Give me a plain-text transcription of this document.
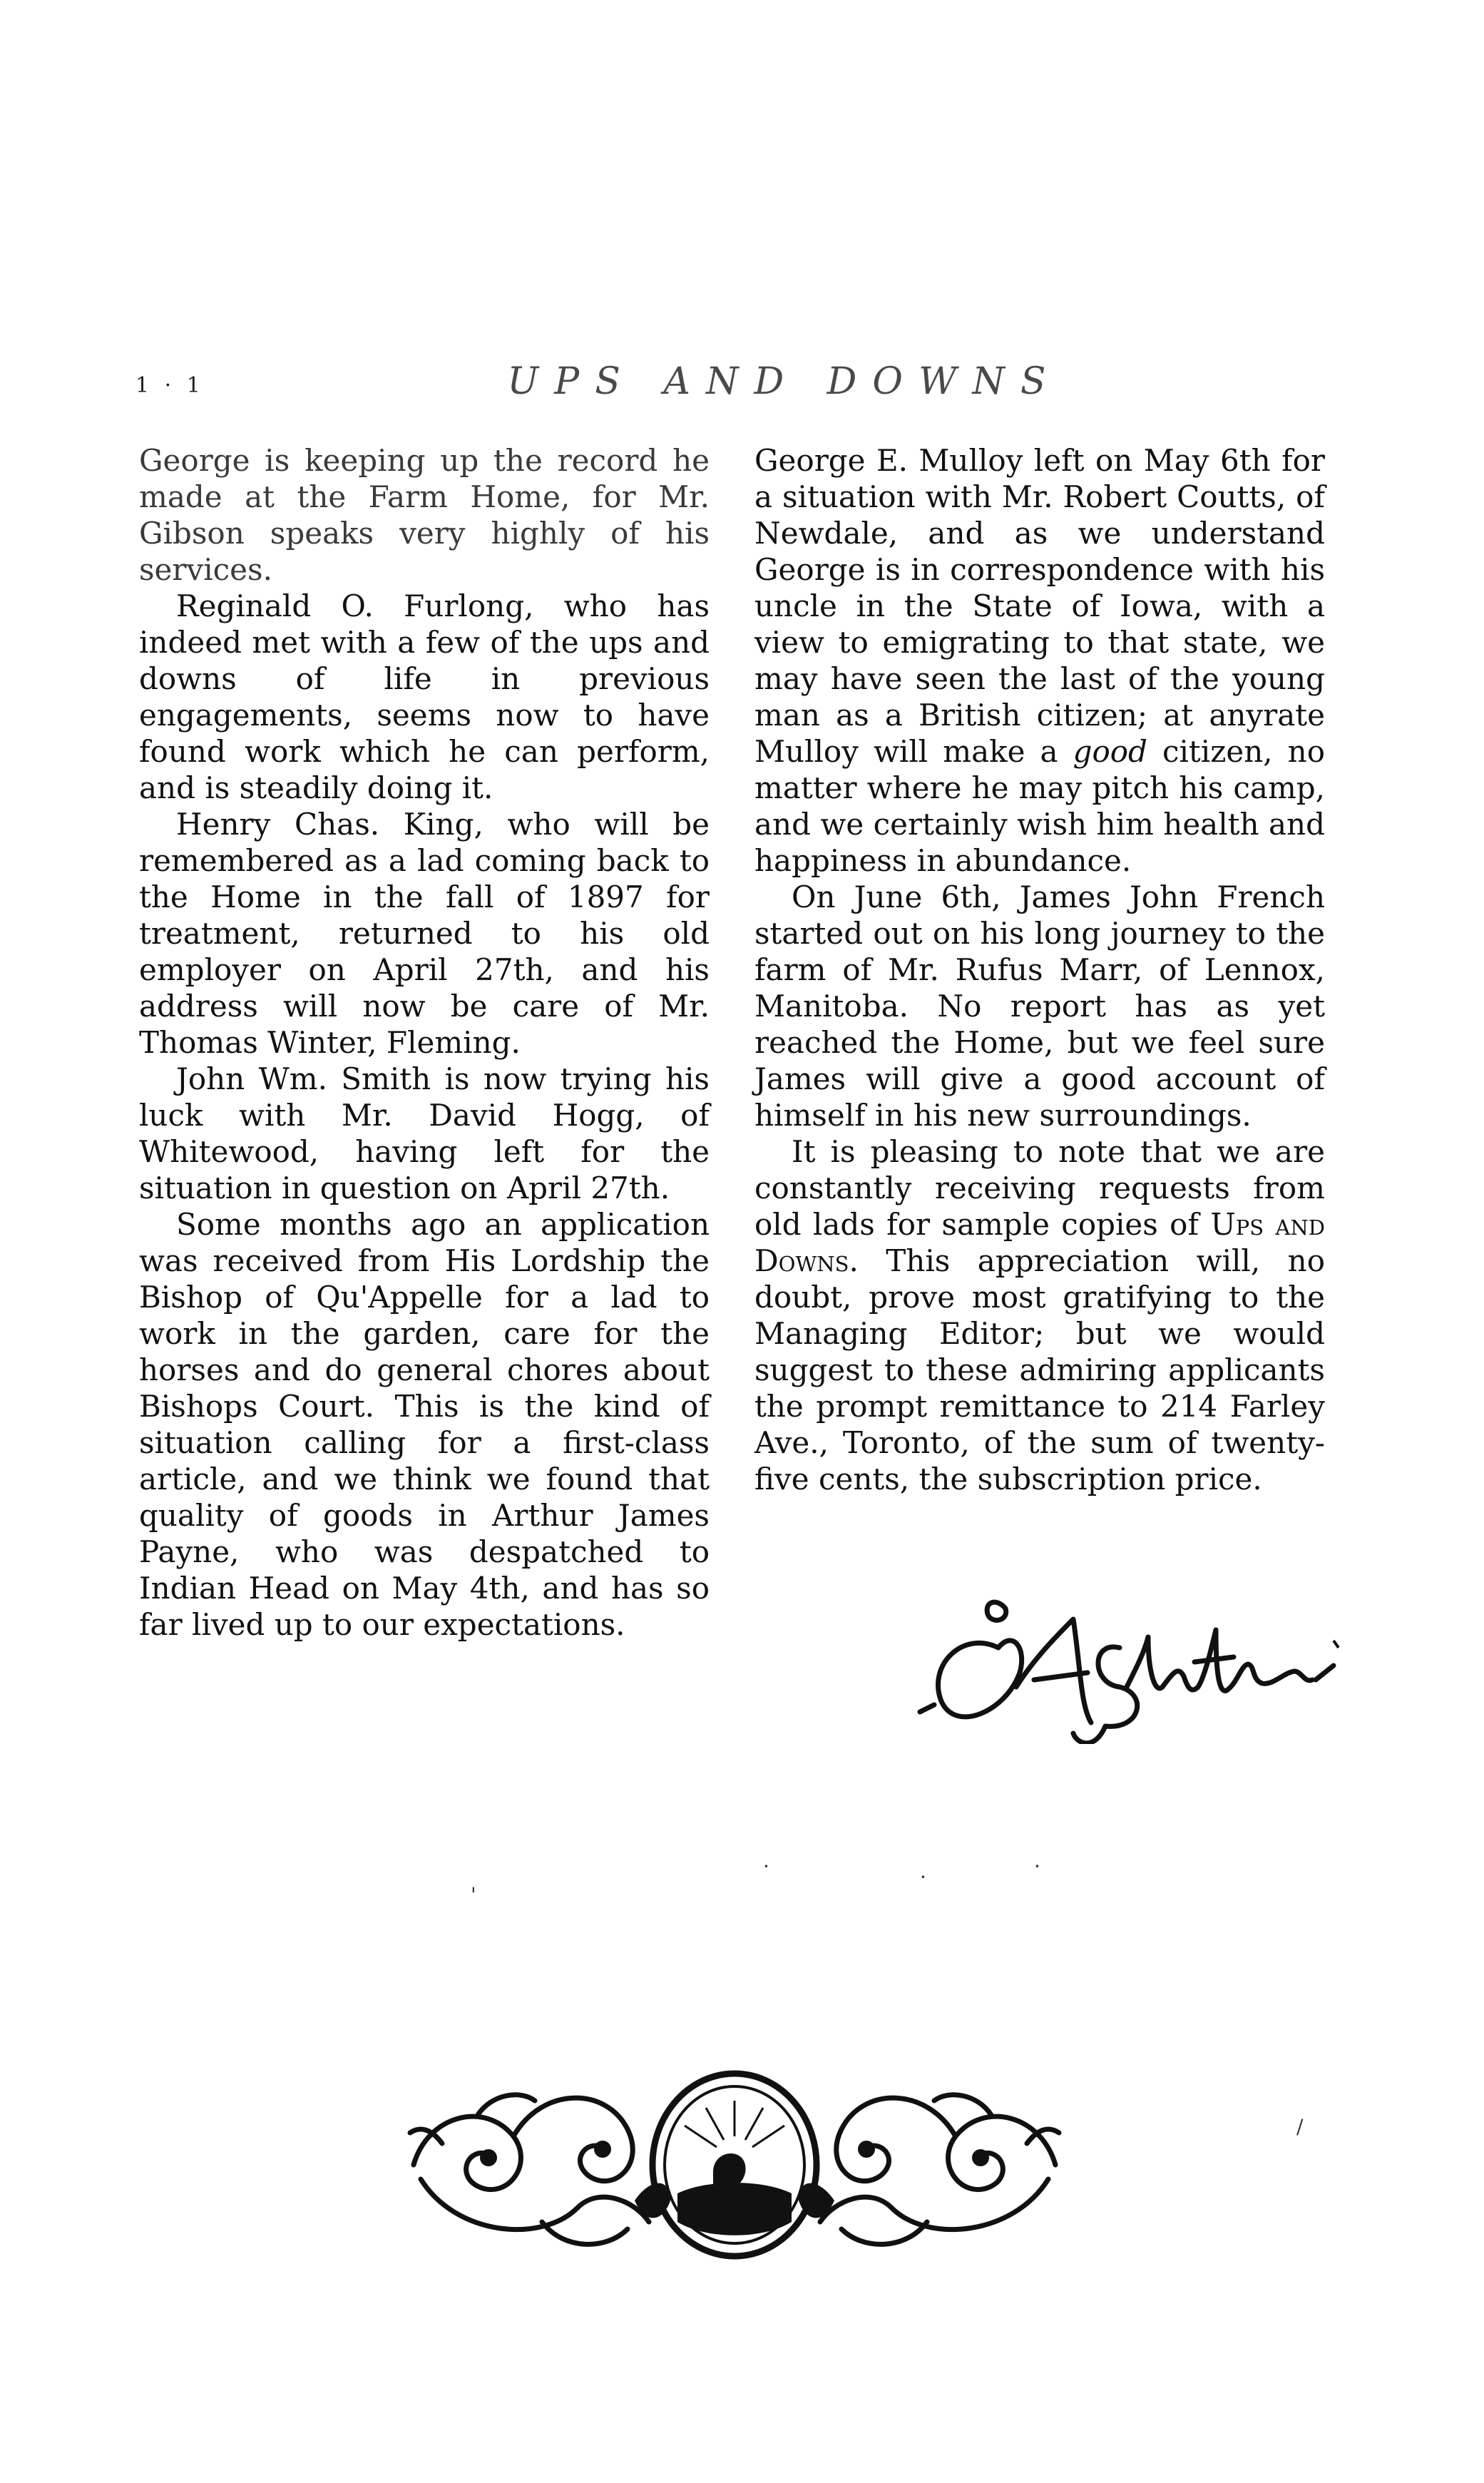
1 · 1	UPS AND DOWNS

George is keeping up the record he made at the Farm Home, for Mr. Gibson speaks very highly of his services.

Reginald O. Furlong, who has indeed met with a few of the ups and downs of life in previous engagements, seems now to have found work which he can perform, and is steadily doing it.

Henry Chas. King, who will be remembered as a lad coming back to the Home in the fall of 1897 for treatment, returned to his old employer on April 27th, and his address will now be care of Mr. Thomas Winter, Fleming.

John Wm. Smith is now trying his luck with Mr. David Hogg, of Whitewood, having left for the situation in question on April 27th.

Some months ago an application was received from His Lordship the Bishop of Qu'Appelle for a lad to work in the garden, care for the horses and do general chores about Bishops Court. This is the kind of situation calling for a first-class article, and we think we found that quality of goods in Arthur James Payne, who was despatched to Indian Head on May 4th, and has so far lived up to our expectations.

George E. Mulloy left on May 6th for a situation with Mr. Robert Coutts, of Newdale, and as we understand George is in correspondence with his uncle in the State of Iowa, with a view to emigrating to that state, we may have seen the last of the young man as a British citizen; at anyrate Mulloy will make a good citizen, no matter where he may pitch his camp, and we certainly wish him health and happiness in abundance.

On June 6th, James John French started out on his long journey to the farm of Mr. Rufus Marr, of Lennox, Manitoba. No report has as yet reached the Home, but we feel sure James will give a good account of himself in his new surroundings.

It is pleasing to note that we are constantly receiving requests from old lads for sample copies of Ups and Downs. This appreciation will, no doubt, prove most gratifying to the Managing Editor; but we would suggest to these admiring applicants the prompt remittance to 214 Farley Ave., Toronto, of the sum of twenty-five cents, the subscription price.

·	·	·
'
/
